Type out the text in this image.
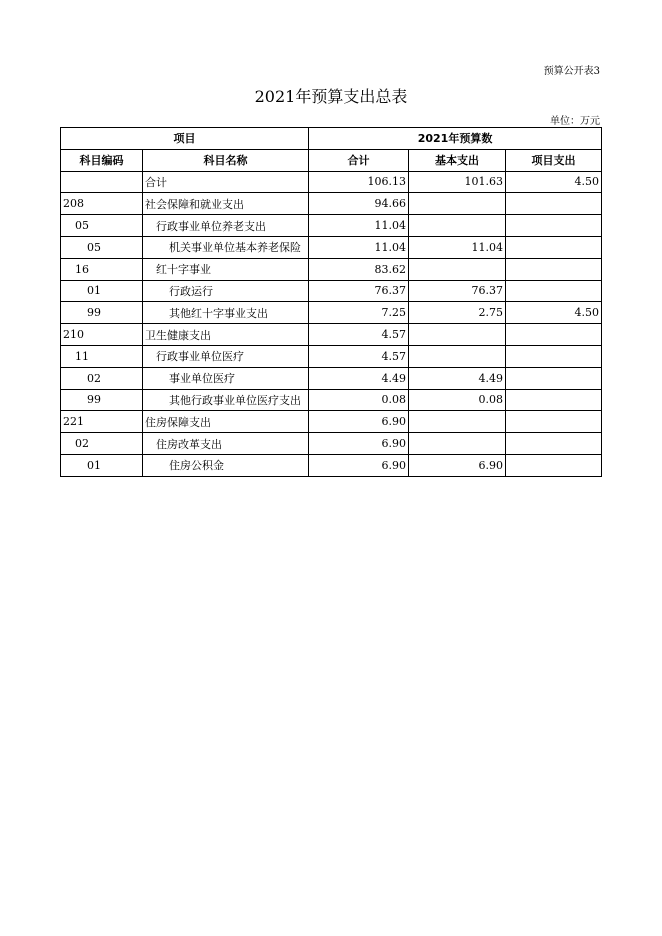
预算公开表3
2021年预算支出总表
单位：万元
项目		2021年预算数		
科目编码	科目名称	合计	基本支出	项目支出
	合计	106.13	101.63	4.50
208	社会保障和就业支出	94.66		
05	行政事业单位养老支出	11.04		
05	机关事业单位基本养老保险	11.04	11.04	
16	红十字事业	83.62		
01	行政运行	76.37	76.37	
99	其他红十字事业支出	7.25	2.75	4.50
210	卫生健康支出	4.57		
11	行政事业单位医疗	4.57		
02	事业单位医疗	4.49	4.49	
99	其他行政事业单位医疗支出	0.08	0.08	
221	住房保障支出	6.90		
02	住房改革支出	6.90		
01	住房公积金	6.90	6.90	
